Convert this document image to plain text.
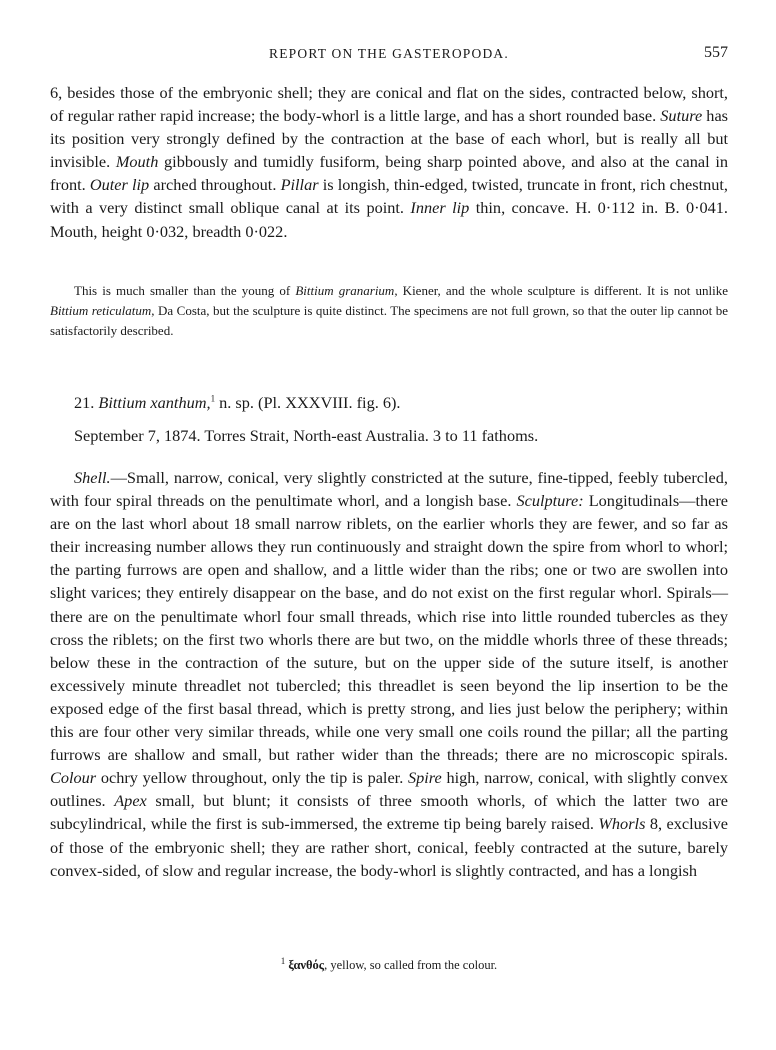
REPORT ON THE GASTEROPODA.	557

6, besides those of the embryonic shell; they are conical and flat on the sides, contracted below, short, of regular rather rapid increase; the body-whorl is a little large, and has a short rounded base. Suture has its position very strongly defined by the contraction at the base of each whorl, but is really all but invisible. Mouth gibbously and tumidly fusiform, being sharp pointed above, and also at the canal in front. Outer lip arched throughout. Pillar is longish, thin-edged, twisted, truncate in front, rich chestnut, with a very distinct small oblique canal at its point. Inner lip thin, concave. H. 0·112 in. B. 0·041. Mouth, height 0·032, breadth 0·022.

This is much smaller than the young of Bittium granarium, Kiener, and the whole sculpture is different. It is not unlike Bittium reticulatum, Da Costa, but the sculpture is quite distinct. The specimens are not full grown, so that the outer lip cannot be satisfactorily described.

21. Bittium xanthum,$^1$ n. sp. (Pl. XXXVIII. fig. 6).

September 7, 1874. Torres Strait, North-east Australia. 3 to 11 fathoms.

Shell.—Small, narrow, conical, very slightly constricted at the suture, fine-tipped, feebly tubercled, with four spiral threads on the penultimate whorl, and a longish base. Sculpture: Longitudinals—there are on the last whorl about 18 small narrow riblets, on the earlier whorls they are fewer, and so far as their increasing number allows they run continuously and straight down the spire from whorl to whorl; the parting furrows are open and shallow, and a little wider than the ribs; one or two are swollen into slight varices; they entirely disappear on the base, and do not exist on the first regular whorl. Spirals—there are on the penultimate whorl four small threads, which rise into little rounded tubercles as they cross the riblets; on the first two whorls there are but two, on the middle whorls three of these threads; below these in the contraction of the suture, but on the upper side of the suture itself, is another excessively minute threadlet not tubercled; this threadlet is seen beyond the lip insertion to be the exposed edge of the first basal thread, which is pretty strong, and lies just below the periphery; within this are four other very similar threads, while one very small one coils round the pillar; all the parting furrows are shallow and small, but rather wider than the threads; there are no microscopic spirals. Colour ochry yellow throughout, only the tip is paler. Spire high, narrow, conical, with slightly convex outlines. Apex small, but blunt; it consists of three smooth whorls, of which the latter two are subcylindrical, while the first is sub-immersed, the extreme tip being barely raised. Whorls 8, exclusive of those of the embryonic shell; they are rather short, conical, feebly contracted at the suture, barely convex-sided, of slow and regular increase, the body-whorl is slightly contracted, and has a longish

$^1$ ξανθός, yellow, so called from the colour.
